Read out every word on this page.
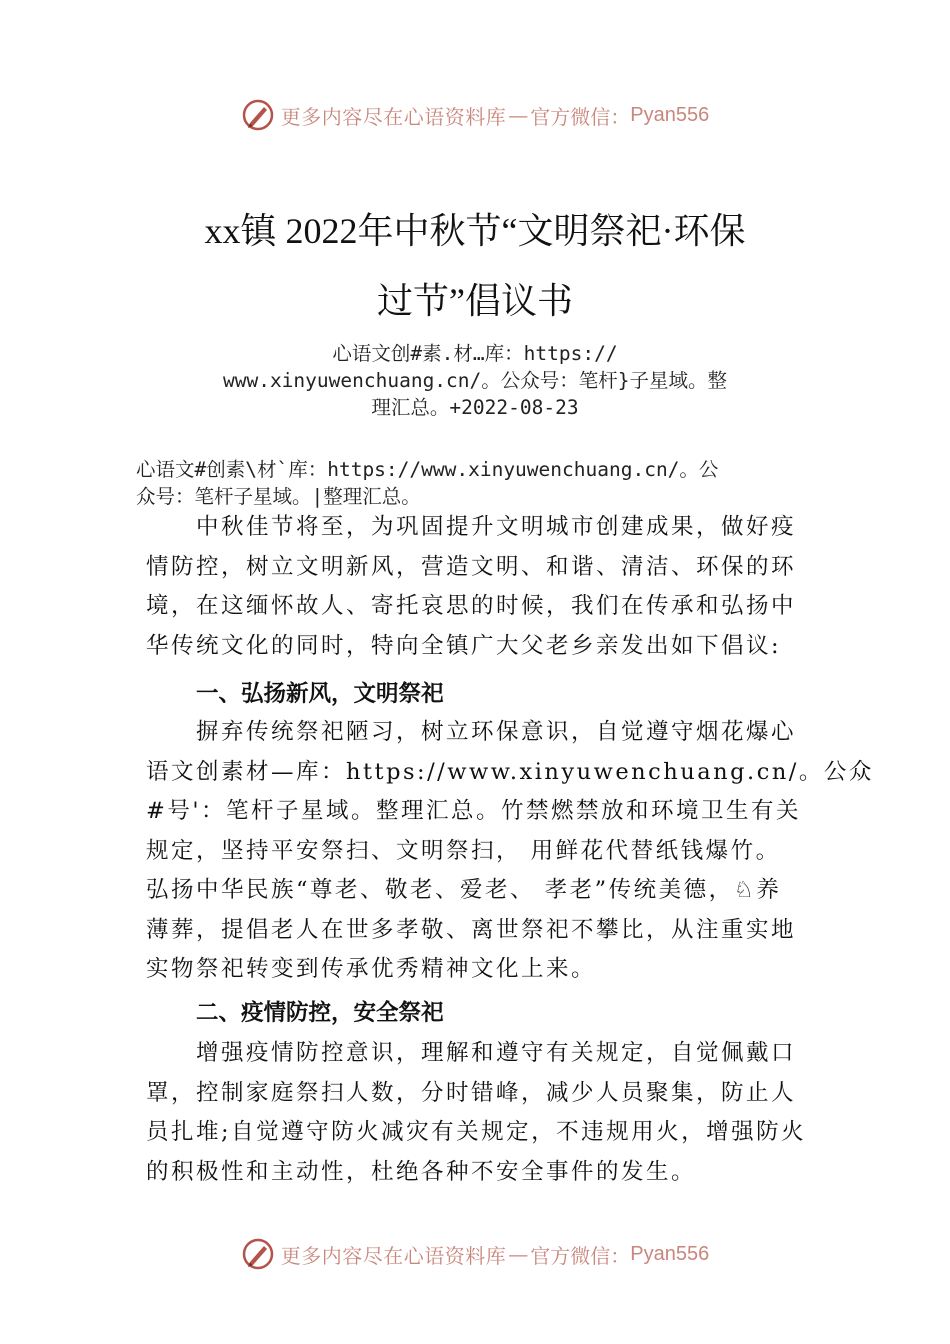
更多内容尽在心语资料库 — 官方微信： Pyan556
xx镇 2022年中秋节“文明祭祀·环保
过节”倡议书
心语文创#素.材…库：https://
www.xinyuwenchuang.cn/。公众号：笔杆}子星域。整
理汇总。+2022-08-23
心语文#创素\材`库：https://www.xinyuwenchuang.cn/。公
众号：笔杆子星域。|整理汇总。
　　中秋佳节将至，为巩固提升文明城市创建成果，做好疫
情防控，树立文明新风，营造文明、和谐、清洁、环保的环
境，在这缅怀故人、寄托哀思的时候，我们在传承和弘扬中
华传统文化的同时，特向全镇广大父老乡亲发出如下倡议:
一、弘扬新风，文明祭祀
　　摒弃传统祭祀陋习，树立环保意识，自觉遵守烟花爆心
语文创素材—库：https://www.xinyuwenchuang.cn/。公众
#号'：笔杆子星域。整理汇总。竹禁燃禁放和环境卫生有关
规定，坚持平安祭扫、文明祭扫， 用鲜花代替纸钱爆竹。
弘扬中华民族“尊老、敬老、爱老、 孝老”传统美德，♘养
薄葬，提倡老人在世多孝敬、离世祭祀不攀比，从注重实地
实物祭祀转变到传承优秀精神文化上来。
二、疫情防控，安全祭祀
　　增强疫情防控意识，理解和遵守有关规定，自觉佩戴口
罩，控制家庭祭扫人数，分时错峰，减少人员聚集，防止人
员扎堆;自觉遵守防火减灾有关规定，不违规用火，增强防火
的积极性和主动性，杜绝各种不安全事件的发生。
更多内容尽在心语资料库 — 官方微信： Pyan556
